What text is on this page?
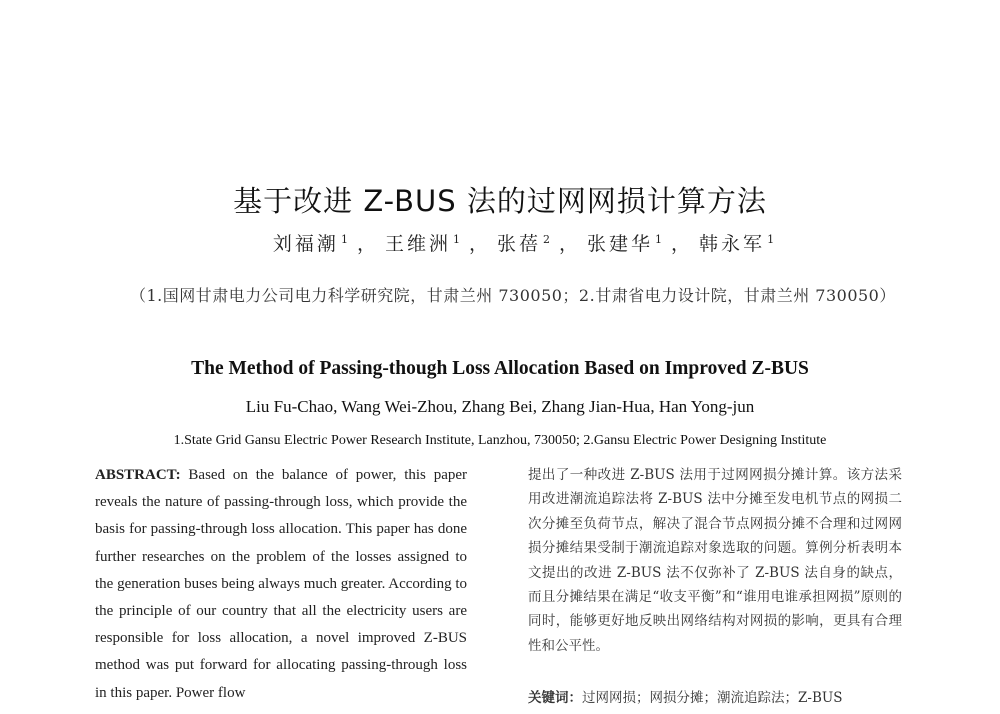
基于改进 Z-BUS 法的过网网损计算方法
刘福潮 $^1$ ， 王维洲 $^1$ ， 张蓓 $^2$ ， 张建华 $^1$ ， 韩永军 $^1$
（1.国网甘肃电力公司电力科学研究院，甘肃兰州 730050；2.甘肃省电力设计院，甘肃兰州 730050）
The Method of Passing-though Loss Allocation Based on Improved Z-BUS
Liu Fu-Chao, Wang Wei-Zhou, Zhang Bei, Zhang Jian-Hua, Han Yong-jun
1.State Grid Gansu Electric Power Research Institute, Lanzhou, 730050; 2.Gansu Electric Power Designing Institute
ABSTRACT: Based on the balance of power, this paper reveals the nature of passing-through loss, which provide the basis for passing-through loss allocation. This paper has done further researches on the problem of the losses assigned to the generation buses being always much greater. According to the principle of our country that all the electricity users are responsible for loss allocation, a novel improved Z-BUS method was put forward for allocating passing-through loss in this paper. Power flow
提出了一种改进 Z-BUS 法用于过网网损分摊计算。该方法采用改进潮流追踪法将 Z-BUS 法中分摊至发电机节点的网损二次分摊至负荷节点，解决了混合节点网损分摊不合理和过网网损分摊结果受制于潮流追踪对象选取的问题。算例分析表明本文提出的改进 Z-BUS 法不仅弥补了 Z-BUS 法自身的缺点，而且分摊结果在满足“收支平衡”和“谁用电谁承担网损”原则的同时，能够更好地反映出网络结构对网损的影响，更具有合理性和公平性。
关键词：过网网损；网损分摊；潮流追踪法；Z-BUS
